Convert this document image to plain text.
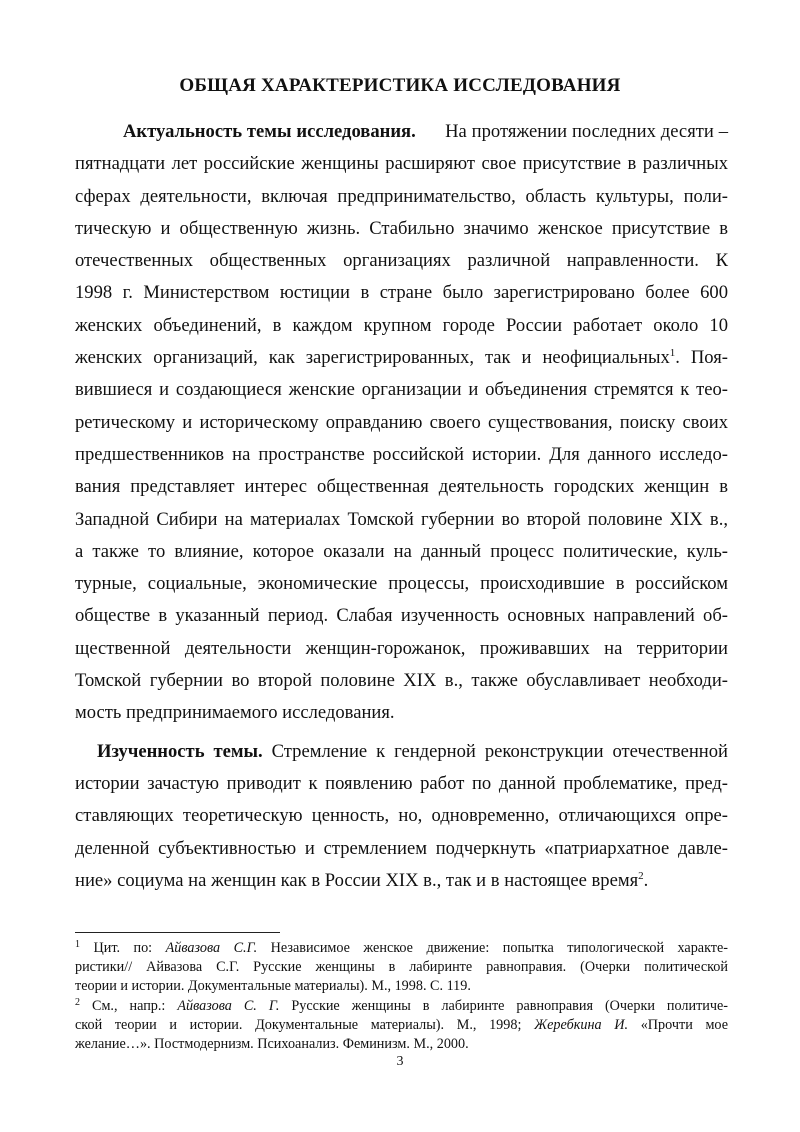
ОБЩАЯ ХАРАКТЕРИСТИКА ИССЛЕДОВАНИЯ
Актуальность темы исследования. На протяжении последних десяти –
пятнадцати лет российские женщины расширяют свое присутствие в различных
сферах деятельности, включая предпринимательство, область культуры, поли-
тическую и общественную жизнь. Стабильно значимо женское присутствие в
отечественных общественных организациях различной направленности. К
1998 г. Министерством юстиции в стране было зарегистрировано более 600
женских объединений, в каждом крупном городе России работает около 10
женских организаций, как зарегистрированных, так и неофициальных$^1$. Поя-
вившиеся и создающиеся женские организации и объединения стремятся к тео-
ретическому и историческому оправданию своего существования, поиску своих
предшественников на пространстве российской истории. Для данного исследо-
вания представляет интерес общественная деятельность городских женщин в
Западной Сибири на материалах Томской губернии во второй половине XIX в.,
а также то влияние, которое оказали на данный процесс политические, куль-
турные, социальные, экономические процессы, происходившие в российском
обществе в указанный период. Слабая изученность основных направлений об-
щественной деятельности женщин-горожанок, проживавших на территории
Томской губернии во второй половине XIX в., также обуславливает необходи-
мость предпринимаемого исследования.
Изученность темы. Стремление к гендерной реконструкции отечественной
истории зачастую приводит к появлению работ по данной проблематике, пред-
ставляющих теоретическую ценность, но, одновременно, отличающихся опре-
деленной субъективностью и стремлением подчеркнуть «патриархатное давле-
ние» социума на женщин как в России XIX в., так и в настоящее время$^2$.
$^1$ Цит. по: Айвазова С.Г. Независимое женское движение: попытка типологической характе-
ристики// Айвазова С.Г. Русские женщины в лабиринте равноправия. (Очерки политической
теории и истории. Документальные материалы). М., 1998. С. 119.
$^2$ См., напр.: Айвазова С. Г. Русские женщины в лабиринте равноправия (Очерки политиче-
ской теории и истории. Документальные материалы). М., 1998; Жеребкина И. «Прочти мое
желание…». Постмодернизм. Психоанализ. Феминизм. М., 2000.
3
